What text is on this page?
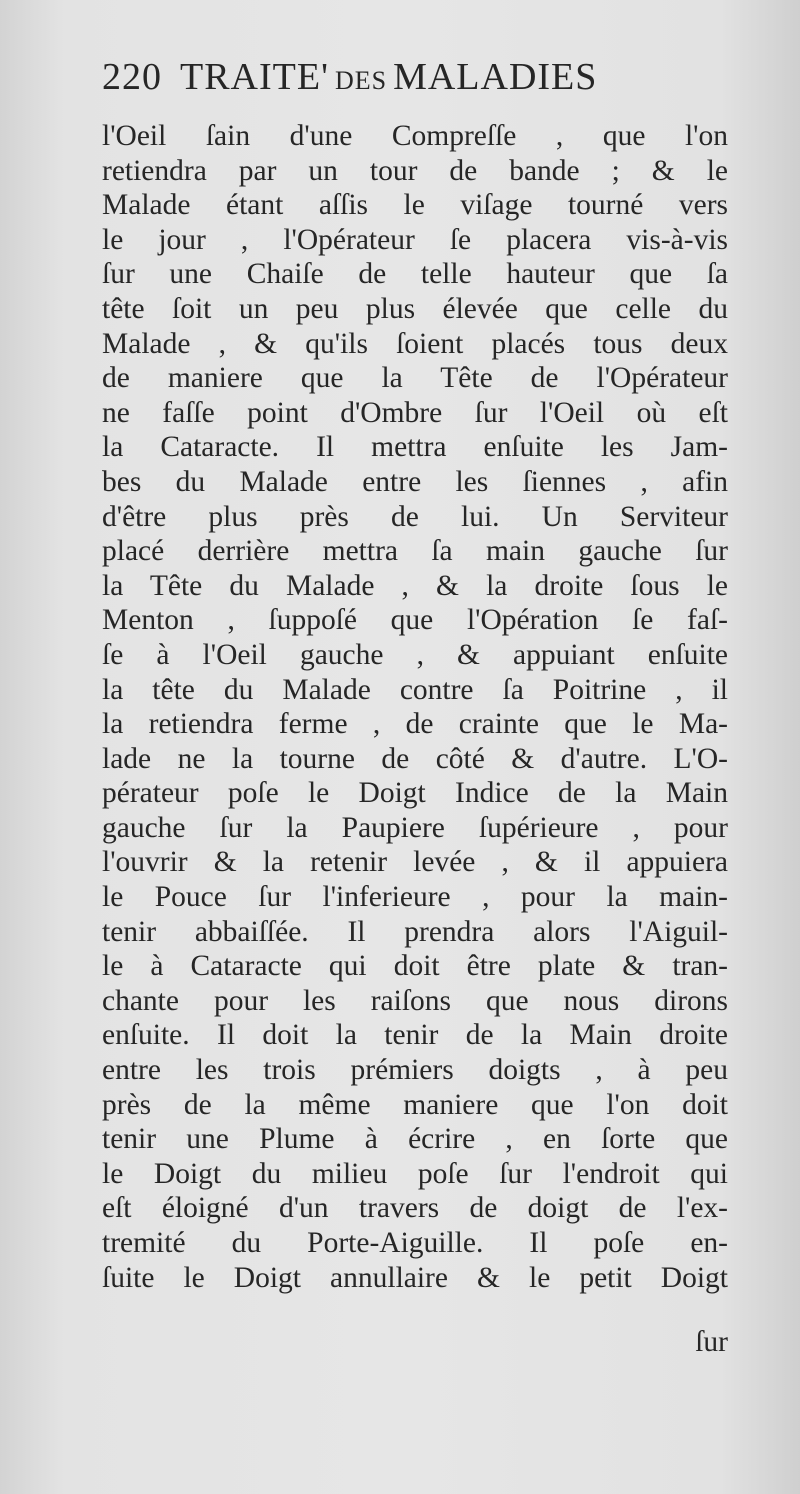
220 TRAITE' DES MALADIES
l'Oeil ſain d'une Compreſſe , que l'on
retiendra par un tour de bande ; & le
Malade étant aſſis le viſage tourné vers
le jour , l'Opérateur ſe placera vis-à-vis
ſur une Chaiſe de telle hauteur que ſa
tête ſoit un peu plus élevée que celle du
Malade , & qu'ils ſoient placés tous deux
de maniere que la Tête de l'Opérateur
ne faſſe point d'Ombre ſur l'Oeil où eſt
la Cataracte. Il mettra enſuite les Jam-
bes du Malade entre les ſiennes , afin
d'être plus près de lui. Un Serviteur
placé derrière mettra ſa main gauche ſur
la Tête du Malade , & la droite ſous le
Menton , ſuppoſé que l'Opération ſe faſ-
ſe à l'Oeil gauche , & appuiant enſuite
la tête du Malade contre ſa Poitrine , il
la retiendra ferme , de crainte que le Ma-
lade ne la tourne de côté & d'autre. L'O-
pérateur poſe le Doigt Indice de la Main
gauche ſur la Paupiere ſupérieure , pour
l'ouvrir & la retenir levée , & il appuiera
le Pouce ſur l'inferieure , pour la main-
tenir abbaiſſée. Il prendra alors l'Aiguil-
le à Cataracte qui doit être plate & tran-
chante pour les raiſons que nous dirons
enſuite. Il doit la tenir de la Main droite
entre les trois prémiers doigts , à peu
près de la même maniere que l'on doit
tenir une Plume à écrire , en ſorte que
le Doigt du milieu poſe ſur l'endroit qui
eſt éloigné d'un travers de doigt de l'ex-
tremité du Porte-Aiguille. Il poſe en-
ſuite le Doigt annullaire & le petit Doigt
ſur
